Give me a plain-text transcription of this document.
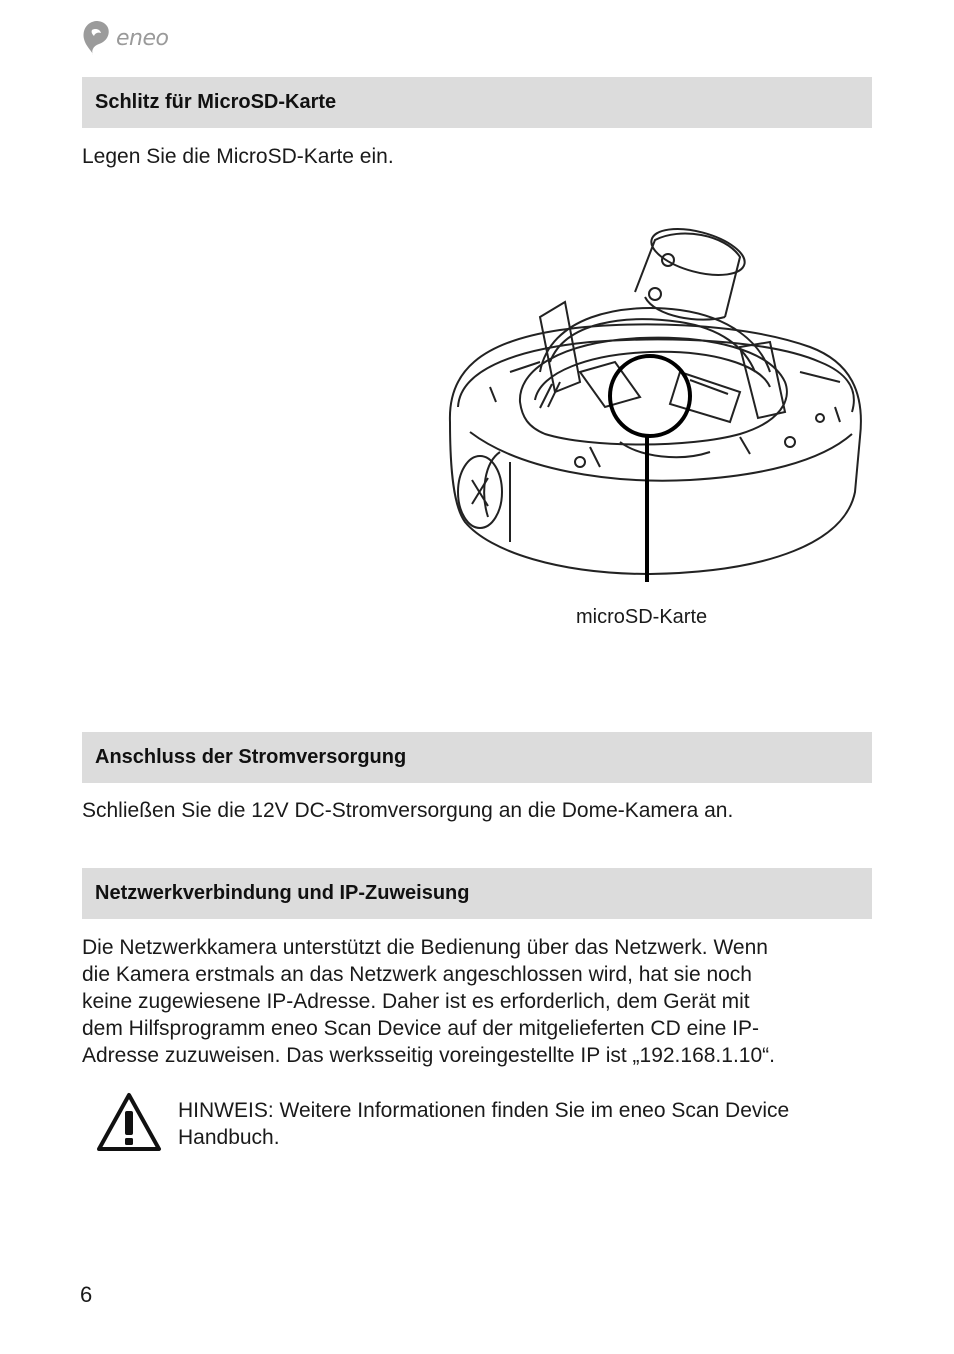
eneo
Schlitz für MicroSD-Karte
Legen Sie die MicroSD-Karte ein.
microSD-Karte
Anschluss der Stromversorgung
Schließen Sie die 12V DC-Stromversorgung an die Dome-Kamera an.
Netzwerkverbindung und IP-Zuweisung
Die Netzwerkkamera unterstützt die Bedienung über das Netzwerk. Wenn
die Kamera erstmals an das Netzwerk angeschlossen wird, hat sie noch
keine zugewiesene IP-Adresse. Daher ist es erforderlich, dem Gerät mit
dem Hilfsprogramm eneo Scan Device auf der mitgelieferten CD eine IP-
Adresse zuzuweisen. Das werksseitig voreingestellte IP ist „192.168.1.10“.
HINWEIS: Weitere Informationen finden Sie im eneo Scan Device
Handbuch.
6
